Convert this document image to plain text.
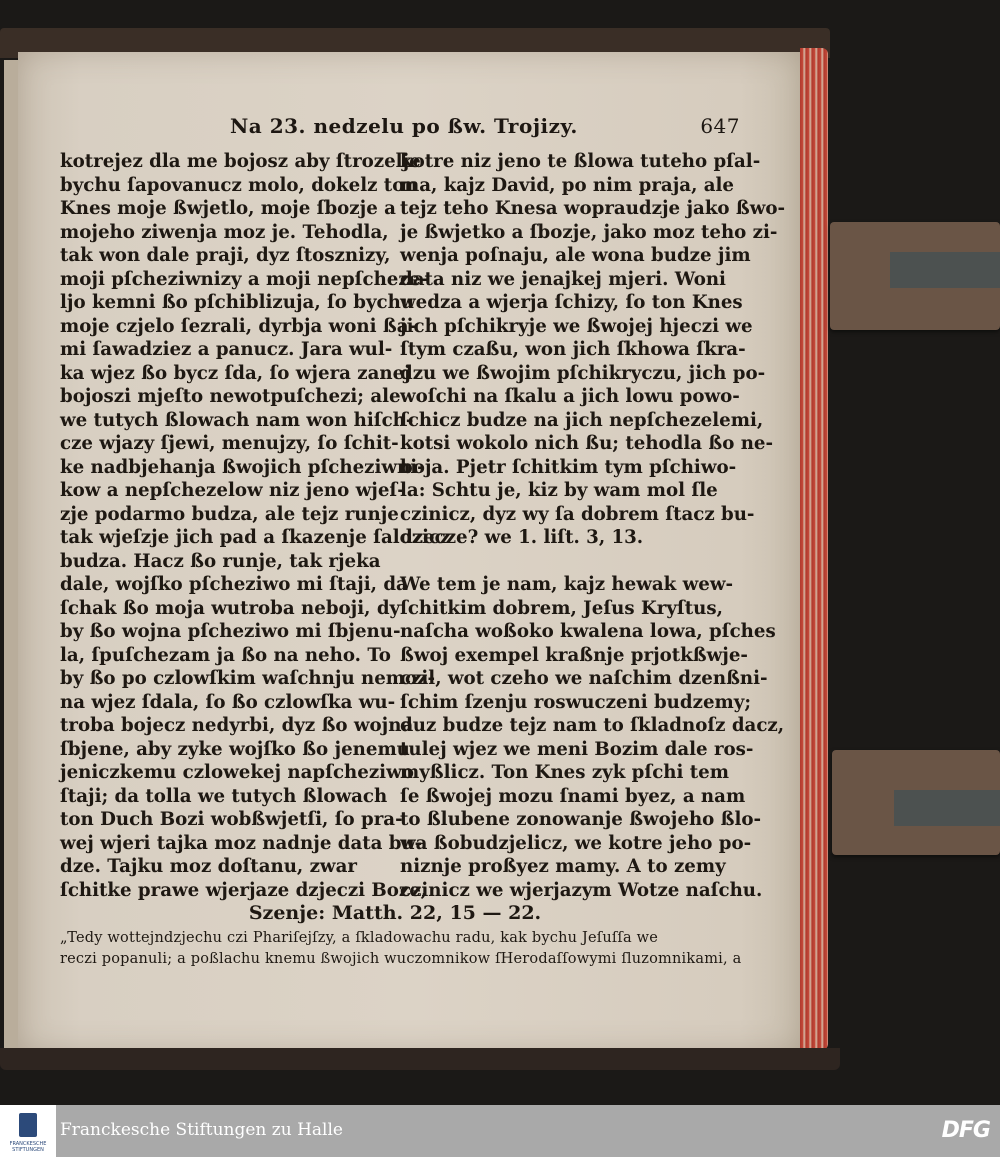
Na 23. nedzelu po ßw. Trojizy.	647
kotrejez dla me bojosz aby ſtrozelje
bychu ſapovanucz molo, dokelz ton
Knes moje ßwjetlo, moje ſbozje a
mojeho ziwenja moz je. Tehodla,
tak won dale praji, dyz ſtosznizy,
moji pſcheziwnizy a moji nepſcheze-
ljo kemni ßo pſchiblizuja, ſo bychu
moje czjelo ſezrali, dyrbja woni ßa-
mi ſawadziez a panucz. Jara wul-
ka wjez ßo bycz ſda, ſo wjera zanej
bojoszi mjeſto newotpuſchezi; ale
we tutych ßlowach nam won hiſch-
cze wjazy ſjewi, menujzy, ſo ſchit-
ke nadbjehanja ßwojich pſcheziwni-
kow a nepſchezelow niz jeno wjeſ-
zje podarmo budza, ale tejz runje
tak wjeſzje jich pad a ſkazenje ſalozicz
budza. Hacz ßo runje, tak rjeka
dale, wojſko pſcheziwo mi ſtaji, da
ſchak ßo moja wutroba neboji, dy
by ßo wojna pſcheziwo mi ſbjenu-
la, ſpuſchezam ja ßo na neho. To
by ßo po czlowſkim waſchnju nemoz-
na wjez ſdala, ſo ßo czlowſka wu-
troba bojecz nedyrbi, dyz ßo wojna
ſbjene, aby zyke wojſko ßo jenemu
jeniczkemu czlowekej napſcheziwo
ſtaji; da tolla we tutych ßlowach
ton Duch Bozi wobßwjetſi, ſo pra-
wej wjeri tajka moz nadnje data bu-
dze. Tajku moz doſtanu, zwar
ſchitke prawe wjerjaze dzjeczi Boze,
kotre niz jeno te ßlowa tuteho pſal-
ma, kajz David, po nim praja, ale
tejz teho Knesa wopraudzje jako ßwo-
je ßwjetko a ſbozje, jako moz teho zi-
wenja poſnaju, ale wona budze jim
data niz we jenajkej mjeri. Woni
wedza a wjerja ſchizy, ſo ton Knes
jich pſchikryje we ßwojej hjeczi we
ſtym czaßu, won jich ſkhowa ſkra-
dzu we ßwojim pſchikryczu, jich po-
woſchi na ſkalu a jich lowu powo-
ſchicz budze na jich nepſchezelemi,
kotsi wokolo nich ßu; tehodla ßo ne-
boja. Pjetr ſchitkim tym pſchiwo-
la: Schtu je, kiz by wam mol ſle
czinicz, dyz wy ſa dobrem ſtacz bu-
dzecze? we 1. liſt. 3, 13.
We tem je nam, kajz hewak wew-
ſchitkim dobrem, Jeſus Kryſtus,
naſcha woßoko kwalena lowa, pſches
ßwoj exempel kraßnje prjotkßwje-
czil, wot czeho we naſchim dzenßni-
ſchim ſzenju roswuczeni budzemy;
duz budze tejz nam to ſkladnoſz dacz,
tulej wjez we meni Bozim dale ros-
myßlicz. Ton Knes zyk pſchi tem
ſe ßwojej mozu ſnami byez, a nam
to ßlubene zonowanje ßwojeho ßlo-
wa ßobudzjelicz, we kotre jeho po-
niznje proßyez mamy. A to zemy
czinicz we wjerjazym Wotze naſchu.
Szenje: Matth. 22, 15 — 22.
„Tedy wottejndzjechu czi Phariſejſzy, a ſkladowachu radu, kak bychu Jeſuſſa we
reczi popanuli; a poßlachu knemu ßwojich wuczomnikow ſHerodaſſowymi ſluzomnikami, a
FRANCKESCHE STIFTUNGEN
Franckesche Stiftungen zu Halle	DFG
